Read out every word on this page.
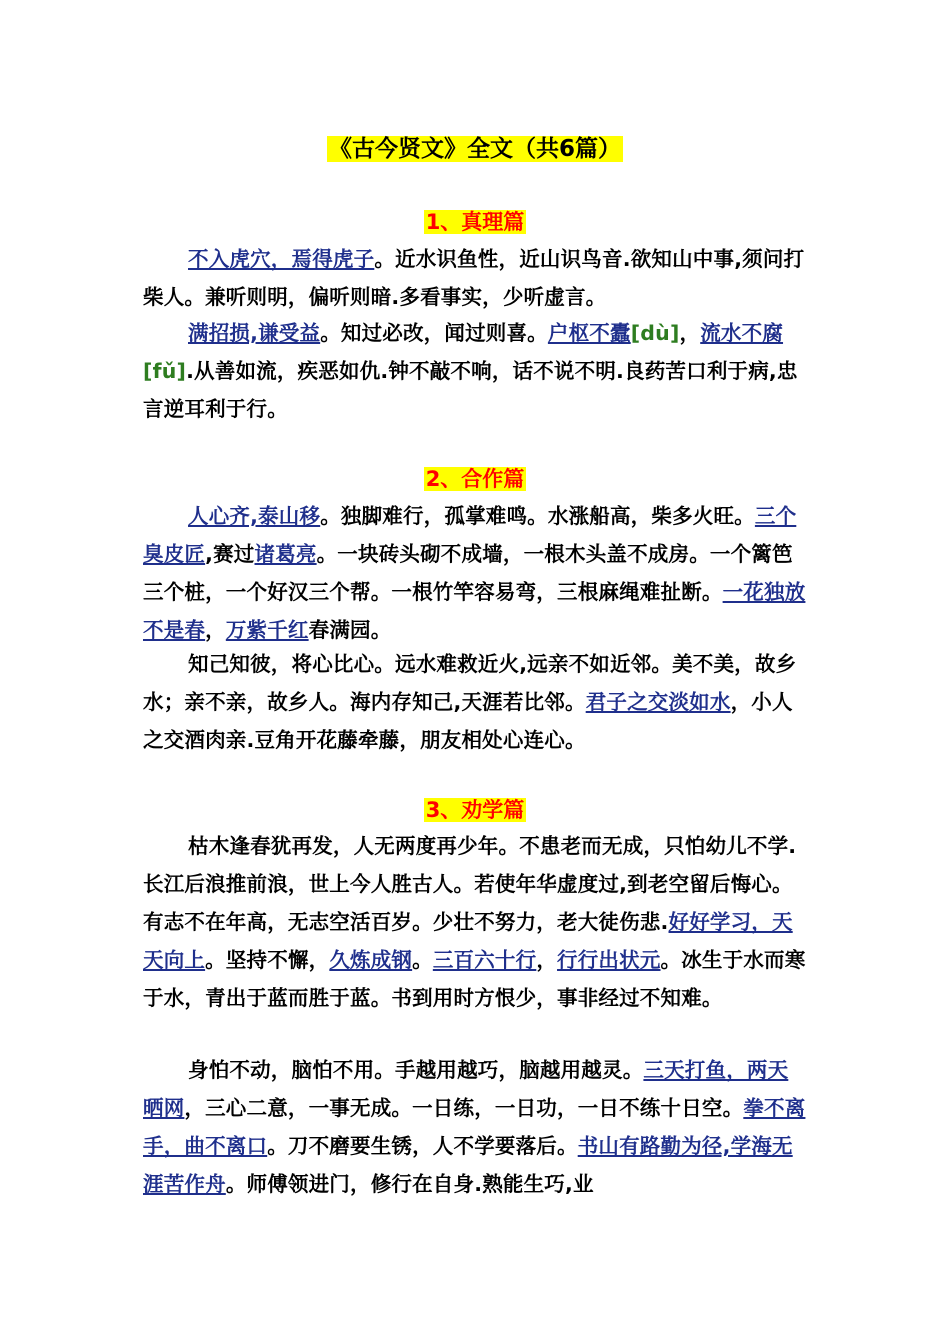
《古今贤文》全文（共6篇）
1、真理篇
不入虎穴，焉得虎子。近水识鱼性，近山识鸟音.欲知山中事,须问打柴人。兼听则明，偏听则暗.多看事实，少听虚言。
满招损,谦受益。知过必改，闻过则喜。户枢不蠹[dù]，流水不腐[fǔ].从善如流，疾恶如仇.钟不敲不响，话不说不明.良药苦口利于病,忠言逆耳利于行。
2、合作篇
人心齐,泰山移。独脚难行，孤掌难鸣。水涨船高，柴多火旺。三个臭皮匠,赛过诸葛亮。一块砖头砌不成墙，一根木头盖不成房。一个篱笆三个桩，一个好汉三个帮。一根竹竿容易弯，三根麻绳难扯断。一花独放不是春，万紫千红春满园。
知己知彼，将心比心。远水难救近火,远亲不如近邻。美不美，故乡水；亲不亲，故乡人。海内存知己,天涯若比邻。君子之交淡如水，小人之交酒肉亲.豆角开花藤牵藤，朋友相处心连心。
3、劝学篇
枯木逢春犹再发，人无两度再少年。不患老而无成，只怕幼儿不学.长江后浪推前浪，世上今人胜古人。若使年华虚度过,到老空留后悔心。有志不在年高，无志空活百岁。少壮不努力，老大徒伤悲.好好学习，天天向上。坚持不懈，久炼成钢。三百六十行，行行出状元。冰生于水而寒于水，青出于蓝而胜于蓝。书到用时方恨少，事非经过不知难。
身怕不动，脑怕不用。手越用越巧，脑越用越灵。三天打鱼，两天晒网，三心二意，一事无成。一日练，一日功，一日不练十日空。拳不离手，曲不离口。刀不磨要生锈，人不学要落后。书山有路勤为径,学海无涯苦作舟。师傅领进门，修行在自身.熟能生巧,业
